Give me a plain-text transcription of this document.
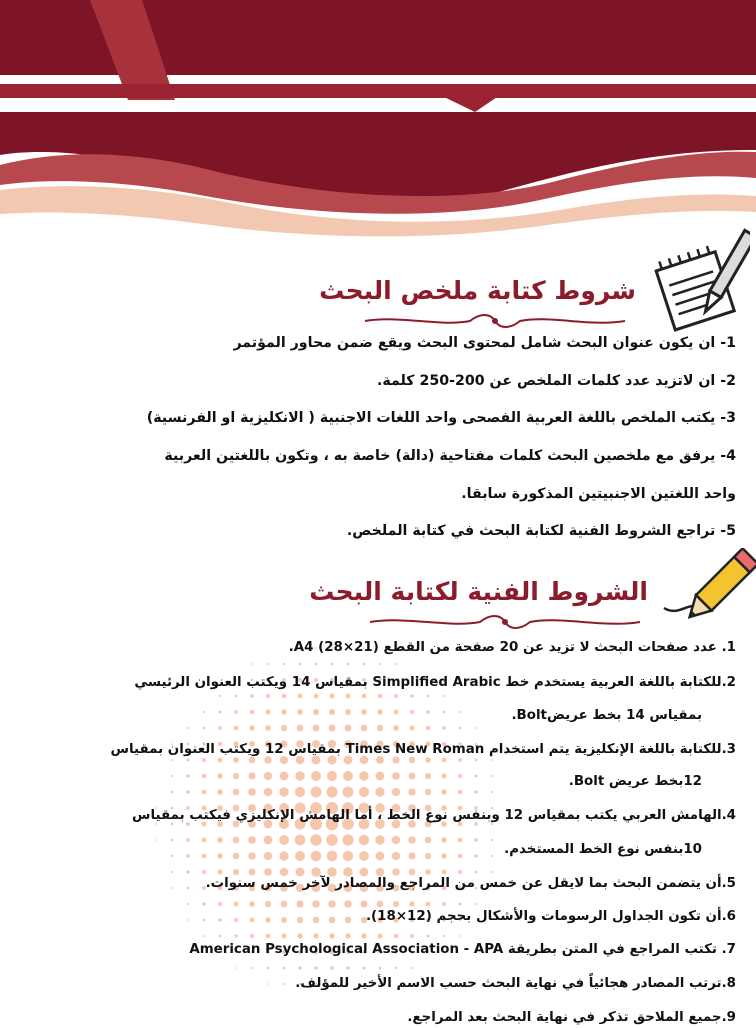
شروط كتابة ملخص البحث
1- ان يكون عنوان البحث شامل لمحتوى البحث ويقع ضمن محاور المؤتمر
2- ان لاتزيد عدد كلمات الملخص عن 200-250 كلمة.
3- يكتب الملخص باللغة العربية الفصحى واحد اللغات الاجنبية ( الانكليزية او الفرنسية)
4- يرفق مع ملخصين البحث كلمات مفتاحية (دالة) خاصة به ، وتكون باللغتين العربية
واحد اللغتين الاجنبيتين المذكورة سابقا.
5- تراجع الشروط الفنية لكتابة البحث في كتابة الملخص.
الشروط الفنية لكتابة البحث
1. عدد صفحات البحث لا تزيد عن 20 صفحة من القطع (21×28) A4.
2.للكتابة باللغة العربية يستخدم خط Simplified Arabic بمقياس 14 ويكتب العنوان الرئيسي
بمقياس 14 بخط عريضBolt.
3.للكتابة باللغة الإنكليزية يتم استخدام Times New Roman بمقياس 12 ويكتب العنوان بمقياس
12بخط عريض Bolt.
4.الهامش العربي يكتب بمقياس 12 وبنفس نوع الخط ، أما الهامش الإنكليزي فيكتب بمقياس
10بنفس نوع الخط المستخدم.
5.أن يتضمن البحث بما لايقل عن خمس من المراجع والمصادر لآخر خمس سنوات.
6.أن تكون الجداول الرسومات والأشكال بحجم (12×18).
7. تكتب المراجع في المتن بطريقة American Psychological Association - APA
8.ترتب المصادر هجائياً في نهاية البحث حسب الاسم الأخير للمؤلف.
9.جميع الملاحق تذكر في نهاية البحث بعد المراجع.
